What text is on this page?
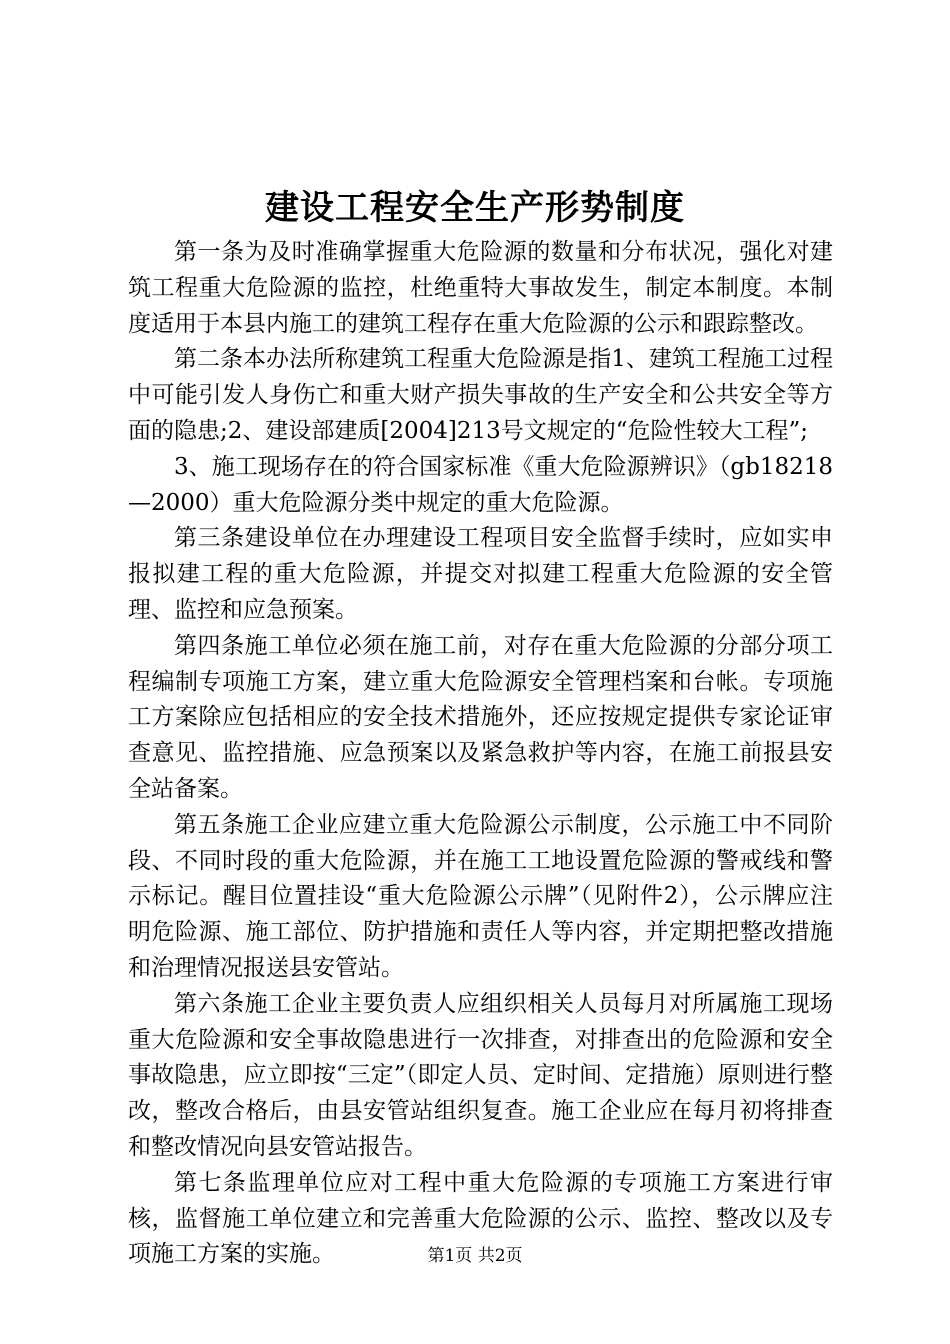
建设工程安全生产形势制度

第一条为及时准确掌握重大危险源的数量和分布状况，强化对建筑工程重大危险源的监控，杜绝重特大事故发生，制定本制度。本制度适用于本县内施工的建筑工程存在重大危险源的公示和跟踪整改。

第二条本办法所称建筑工程重大危险源是指1、建筑工程施工过程中可能引发人身伤亡和重大财产损失事故的生产安全和公共安全等方面的隐患;2、建设部建质[2004]213号文规定的“危险性较大工程”;

3、施工现场存在的符合国家标准《重大危险源辨识》（gb18218—2000）重大危险源分类中规定的重大危险源。

第三条建设单位在办理建设工程项目安全监督手续时，应如实申报拟建工程的重大危险源，并提交对拟建工程重大危险源的安全管理、监控和应急预案。

第四条施工单位必须在施工前，对存在重大危险源的分部分项工程编制专项施工方案，建立重大危险源安全管理档案和台帐。专项施工方案除应包括相应的安全技术措施外，还应按规定提供专家论证审查意见、监控措施、应急预案以及紧急救护等内容，在施工前报县安全站备案。

第五条施工企业应建立重大危险源公示制度，公示施工中不同阶段、不同时段的重大危险源，并在施工工地设置危险源的警戒线和警示标记。醒目位置挂设“重大危险源公示牌”（见附件2），公示牌应注明危险源、施工部位、防护措施和责任人等内容，并定期把整改措施和治理情况报送县安管站。

第六条施工企业主要负责人应组织相关人员每月对所属施工现场重大危险源和安全事故隐患进行一次排查，对排查出的危险源和安全事故隐患，应立即按“三定”（即定人员、定时间、定措施）原则进行整改，整改合格后，由县安管站组织复查。施工企业应在每月初将排查和整改情况向县安管站报告。

第七条监理单位应对工程中重大危险源的专项施工方案进行审核，监督施工单位建立和完善重大危险源的公示、监控、整改以及专项施工方案的实施。	第1页 共2页
